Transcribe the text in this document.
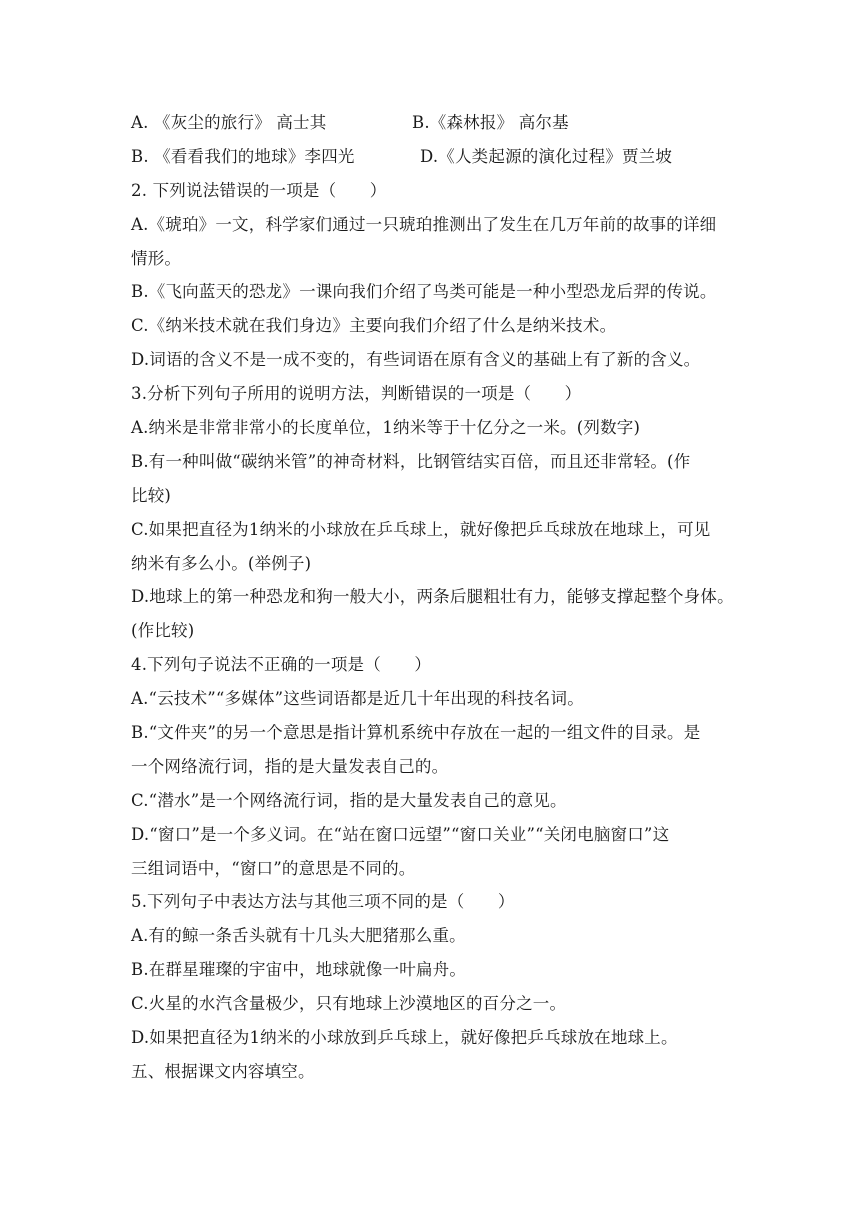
A. 《灰尘的旅行》 高士其	B.《森林报》 高尔基
B. 《看看我们的地球》李四光	D.《人类起源的演化过程》贾兰坡
2. 下列说法错误的一项是（　　）
A.《琥珀》一文，科学家们通过一只琥珀推测出了发生在几万年前的故事的详细
情形。
B.《飞向蓝天的恐龙》一课向我们介绍了鸟类可能是一种小型恐龙后羿的传说。
C.《纳米技术就在我们身边》主要向我们介绍了什么是纳米技术。
D.词语的含义不是一成不变的，有些词语在原有含义的基础上有了新的含义。
3.分析下列句子所用的说明方法，判断错误的一项是（　　）
A.纳米是非常非常小的长度单位，1纳米等于十亿分之一米。(列数字)
B.有一种叫做“碳纳米管”的神奇材料，比钢管结实百倍，而且还非常轻。(作
比较)
C.如果把直径为1纳米的小球放在乒乓球上，就好像把乒乓球放在地球上，可见
纳米有多么小。(举例子)
D.地球上的第一种恐龙和狗一般大小，两条后腿粗壮有力，能够支撑起整个身体。
(作比较)
4.下列句子说法不正确的一项是（　　）
A.“云技术”“多媒体”这些词语都是近几十年出现的科技名词。
B.“文件夹”的另一个意思是指计算机系统中存放在一起的一组文件的目录。是
一个网络流行词，指的是大量发表自己的。
C.“潜水”是一个网络流行词，指的是大量发表自己的意见。
D.“窗口”是一个多义词。在“站在窗口远望”“窗口关业”“关闭电脑窗口”这
三组词语中，“窗口”的意思是不同的。
5.下列句子中表达方法与其他三项不同的是（　　）
A.有的鲸一条舌头就有十几头大肥猪那么重。
B.在群星璀璨的宇宙中，地球就像一叶扁舟。
C.火星的水汽含量极少，只有地球上沙漠地区的百分之一。
D.如果把直径为1纳米的小球放到乒乓球上，就好像把乒乓球放在地球上。
五、根据课文内容填空。
